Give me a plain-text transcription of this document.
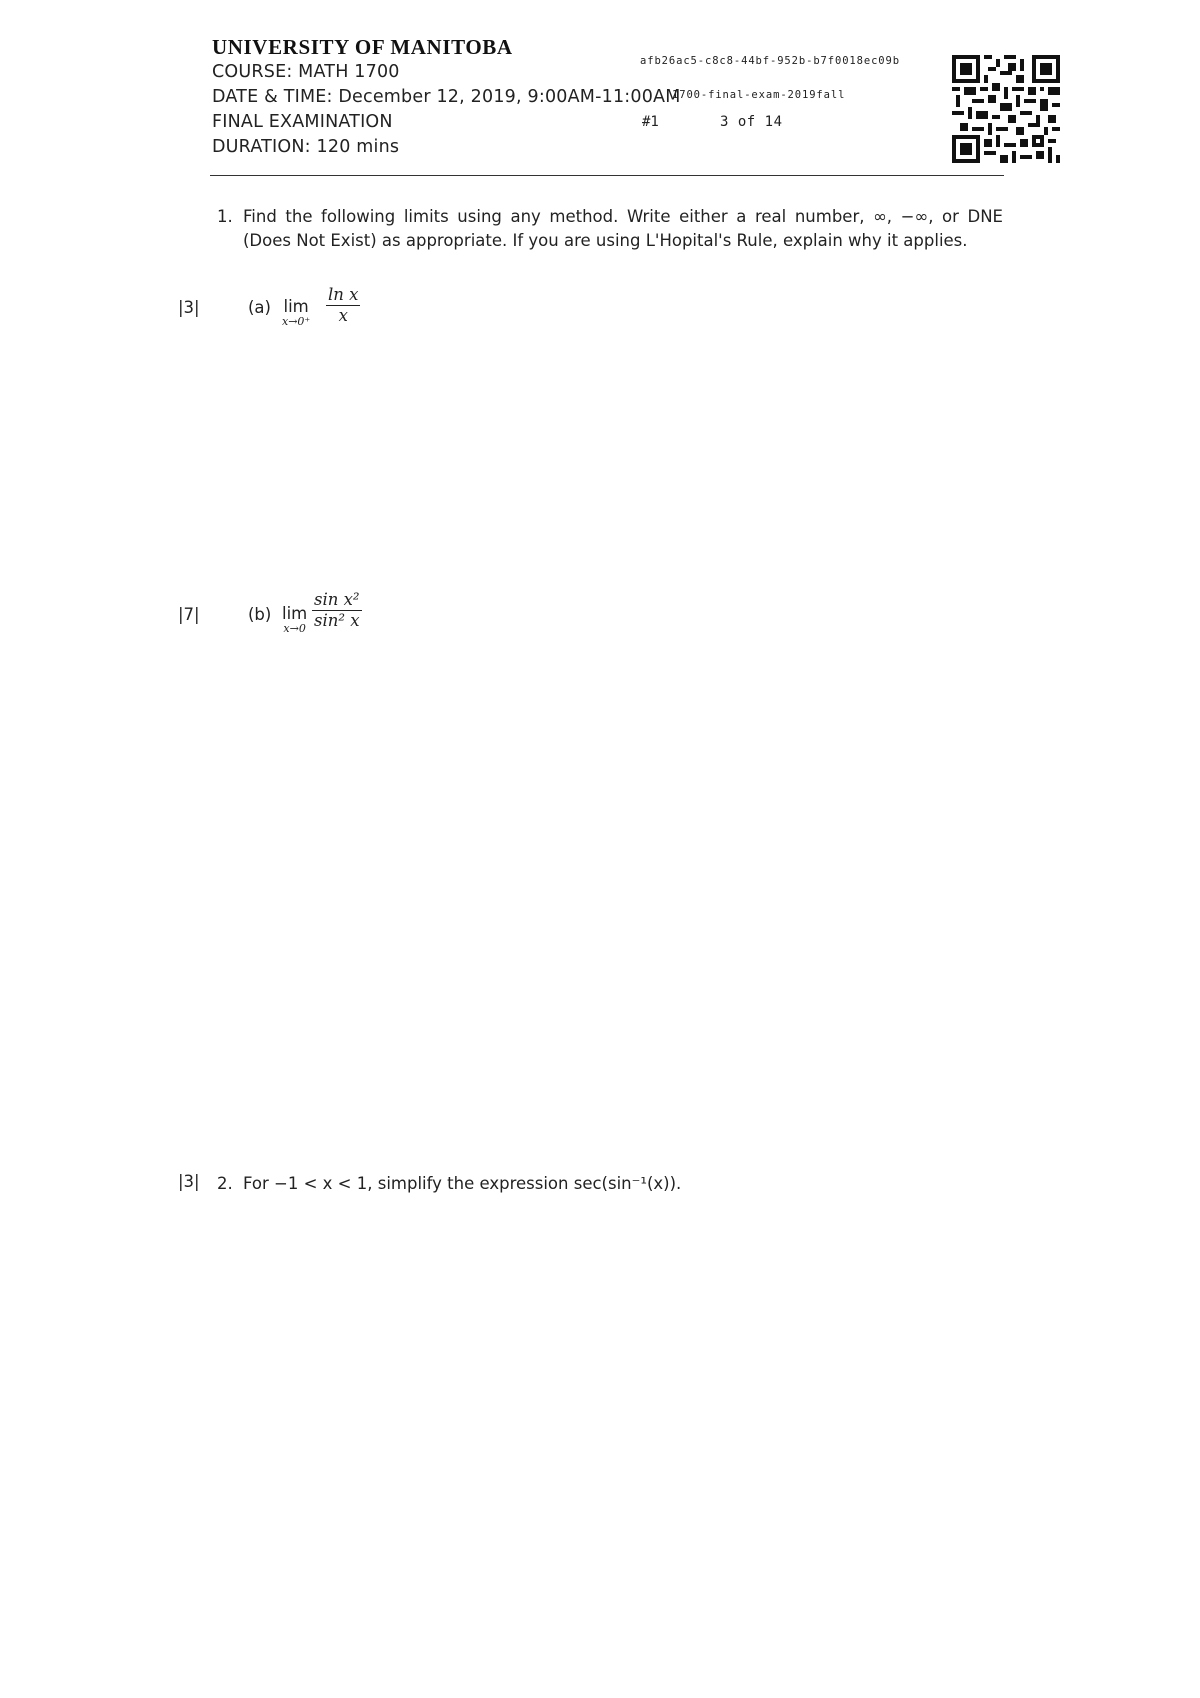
UNIVERSITY OF MANITOBA
COURSE: MATH 1700
DATE & TIME: December 12, 2019, 9:00AM-11:00AM
FINAL EXAMINATION
DURATION: 120 mins
afb26ac5-c8c8-44bf-952b-b7f0018ec09b
1700-final-exam-2019fall
#1	3 of 14
1. Find the following limits using any method. Write either a real number, ∞, −∞, or DNE (Does Not Exist) as appropriate. If you are using L'Hopital's Rule, explain why it applies.
|3|	(a) lim
$x\to 0^+ \frac{\text{ln x}}{x}$
|7|	(b) lim
$x\to 0 \frac{\text{sin x²}}{\text{sin² x}}$
|3| 2. For −1 < x < 1, simplify the expression sec(sin⁻¹(x)).
